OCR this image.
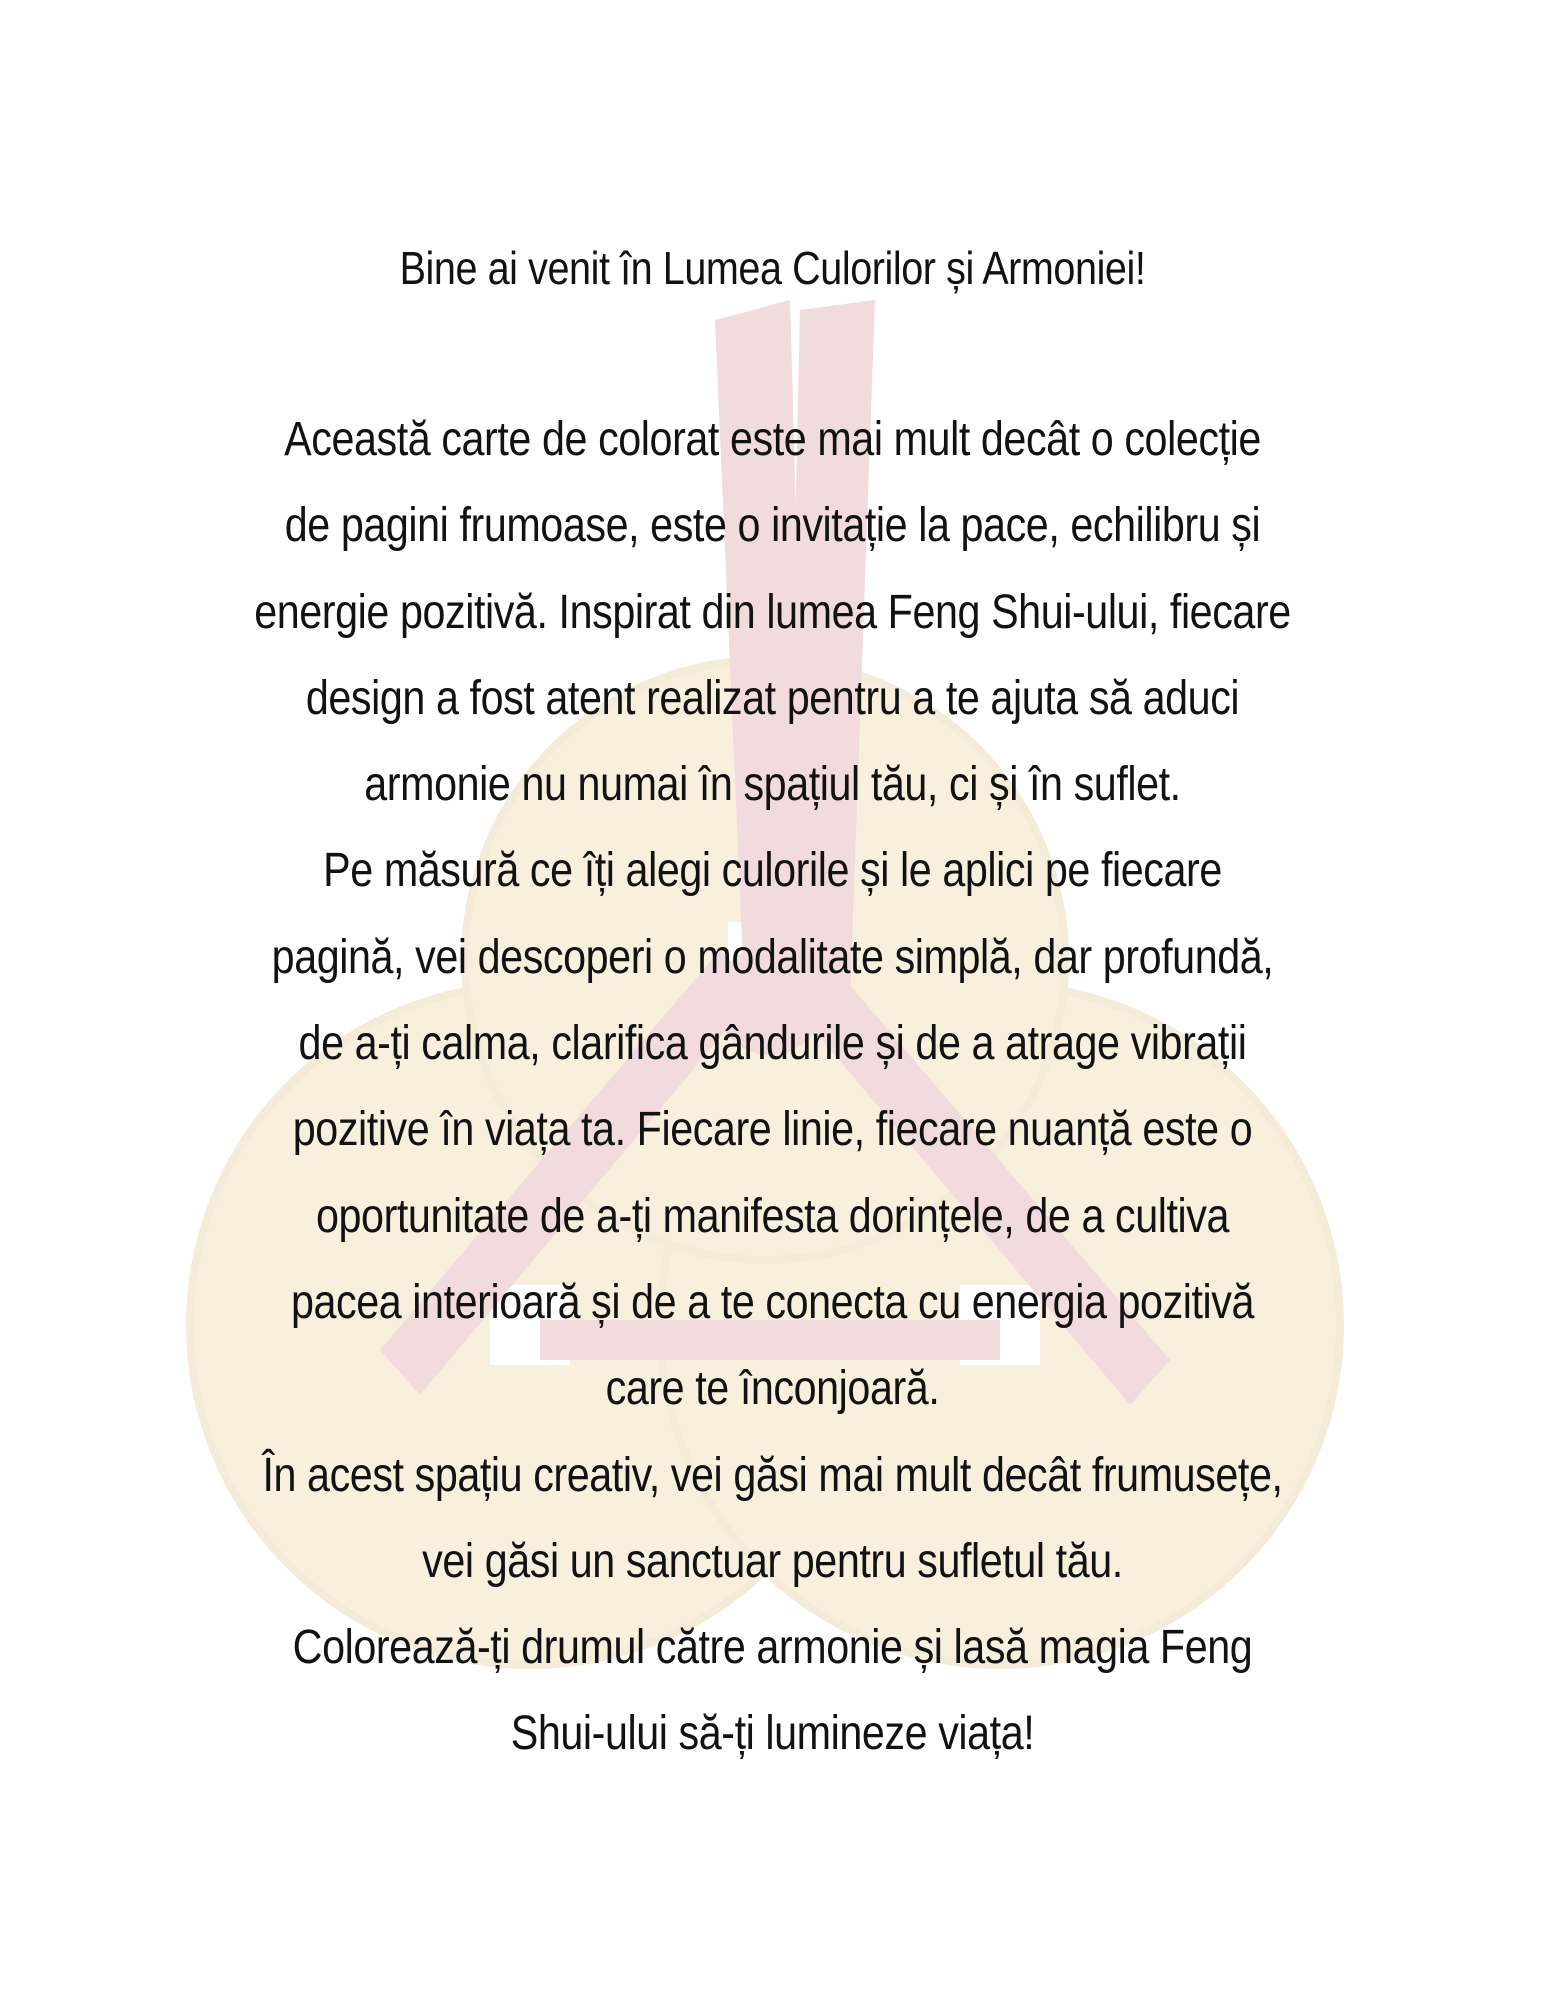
Bine ai venit în Lumea Culorilor și Armoniei!
Această carte de colorat este mai mult decât o colecție
de pagini frumoase, este o invitație la pace, echilibru și
energie pozitivă. Inspirat din lumea Feng Shui-ului, fiecare
design a fost atent realizat pentru a te ajuta să aduci
armonie nu numai în spațiul tău, ci și în suflet.
Pe măsură ce îți alegi culorile și le aplici pe fiecare
pagină, vei descoperi o modalitate simplă, dar profundă,
de a-ți calma, clarifica gândurile și de a atrage vibrații
pozitive în viața ta. Fiecare linie, fiecare nuanță este o
oportunitate de a-ți manifesta dorințele, de a cultiva
pacea interioară și de a te conecta cu energia pozitivă
care te înconjoară.
În acest spațiu creativ, vei găsi mai mult decât frumusețe,
vei găsi un sanctuar pentru sufletul tău.
Colorează-ți drumul către armonie și lasă magia Feng
Shui-ului să-ți lumineze viața!
